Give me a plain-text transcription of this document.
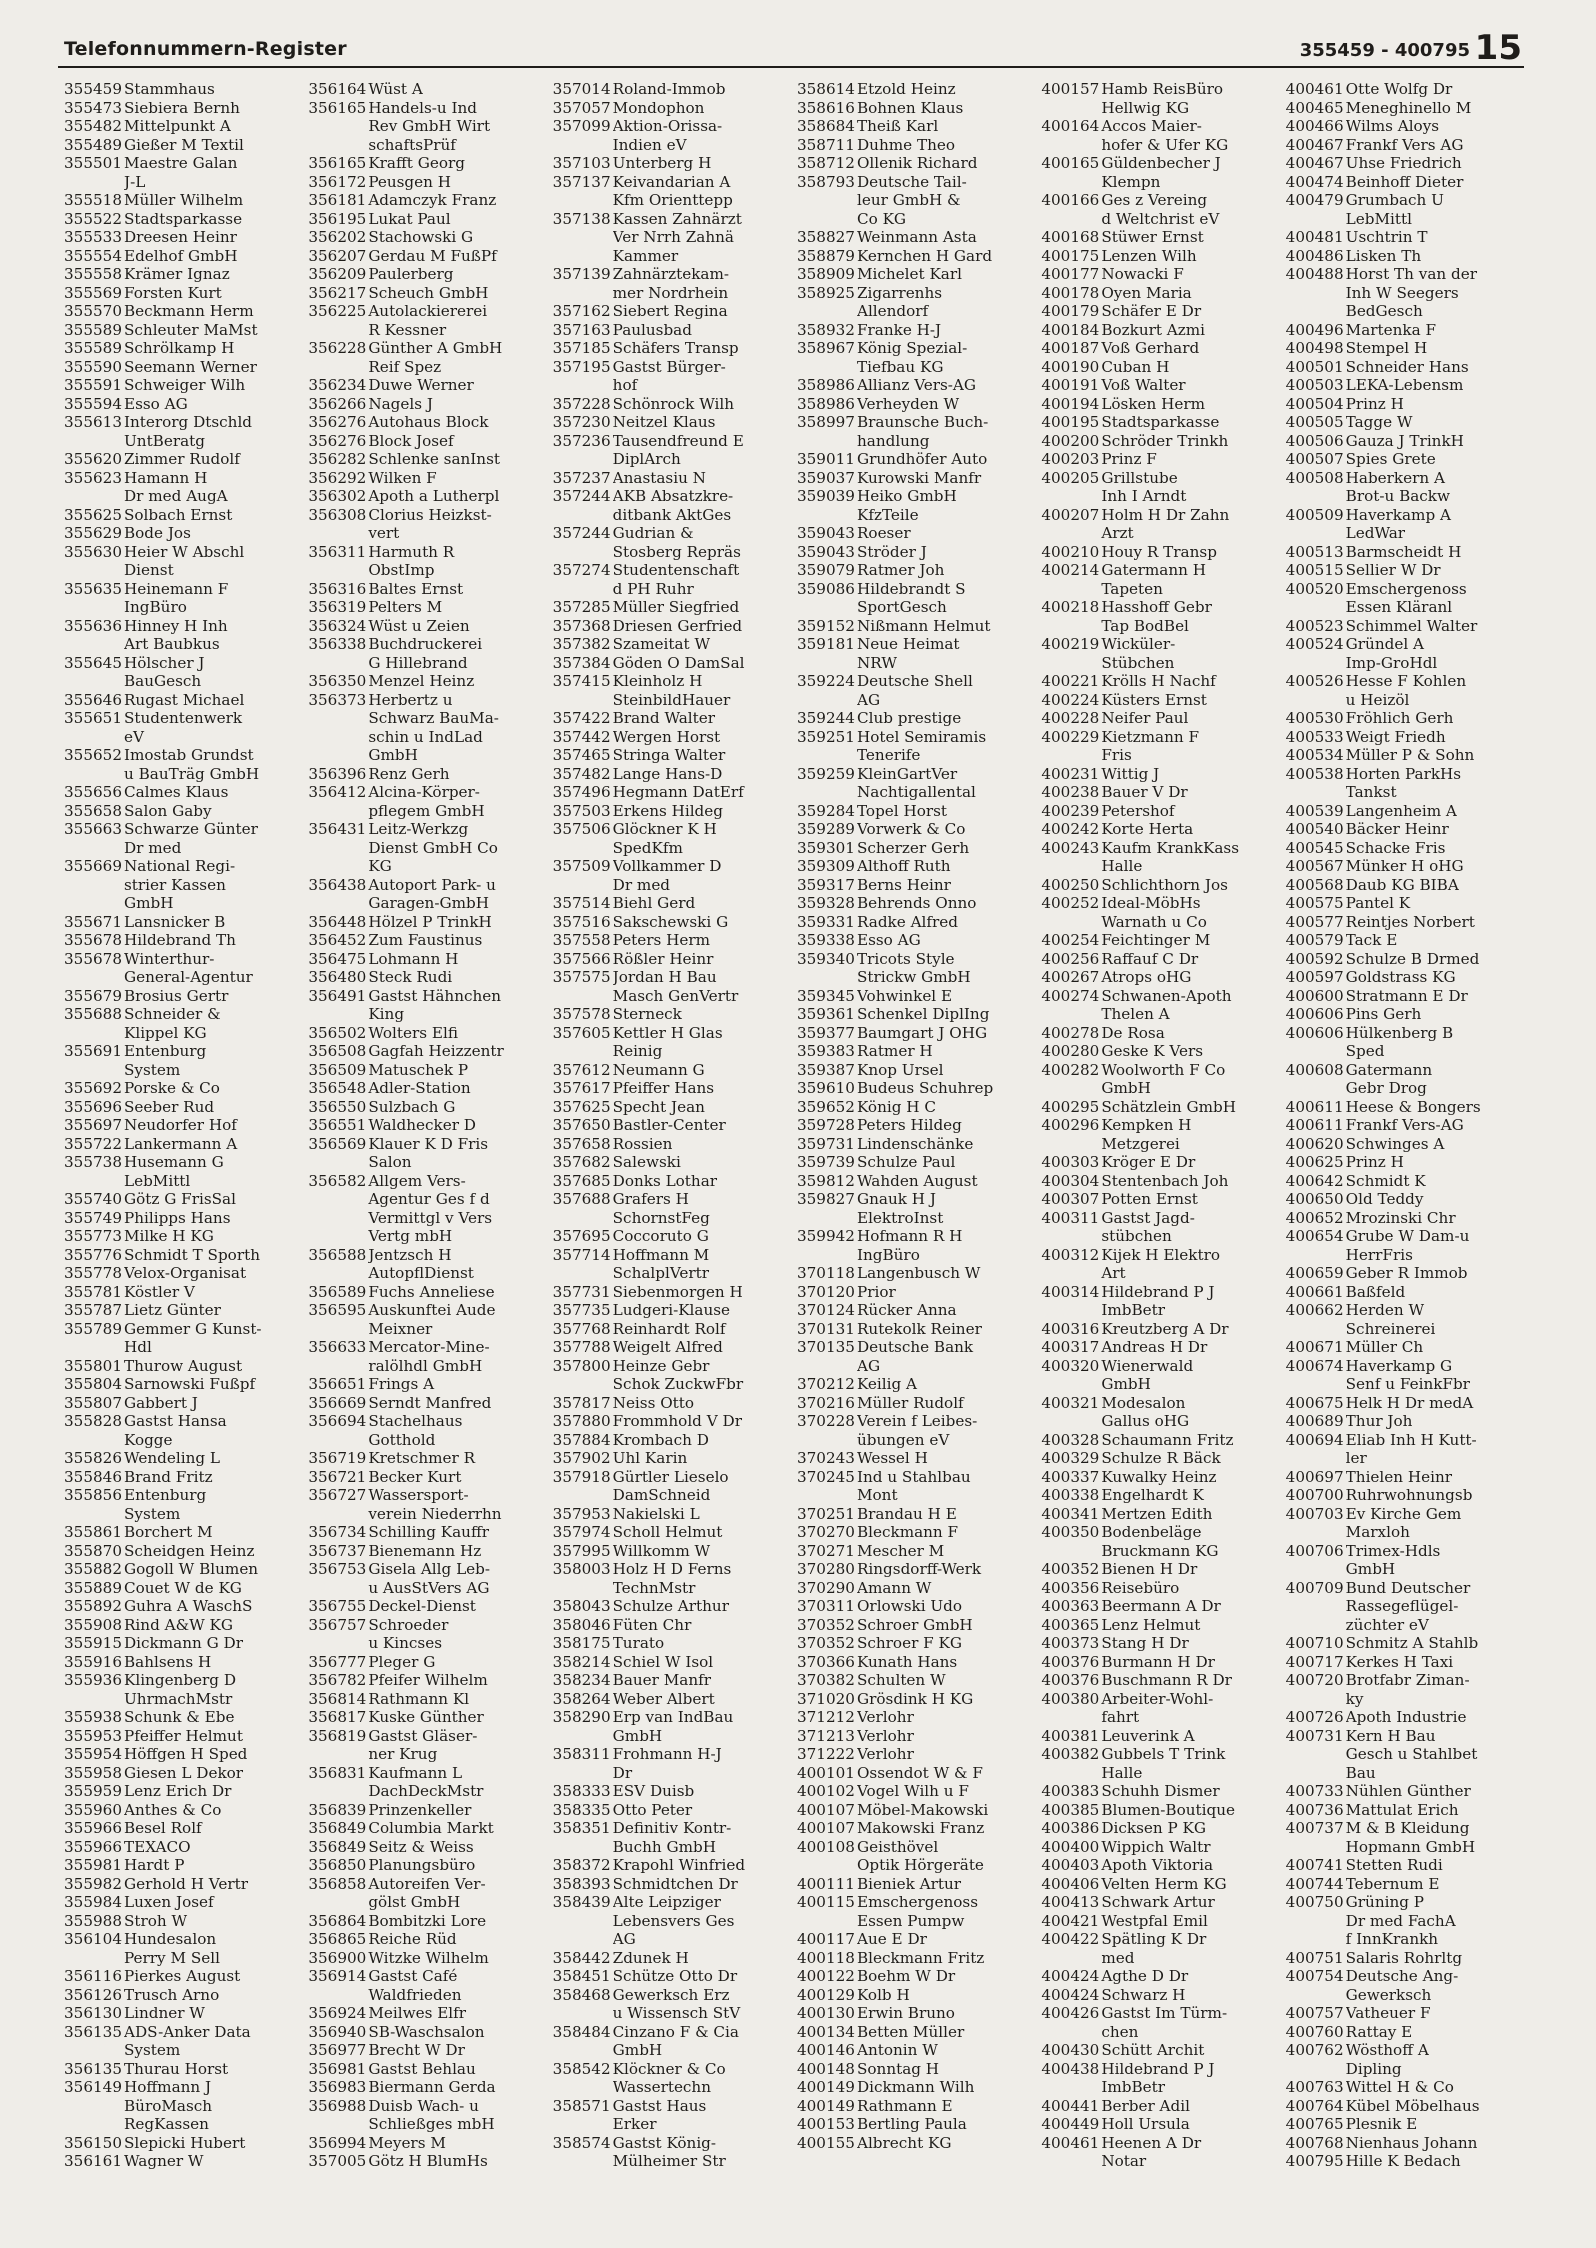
Telefonnummern-Register	355459 - 400795 15
355459 Stammhaus
355473 Siebiera Bernh
355482 Mittelpunkt A
355489 Gießer M Textil
355501 Maestre Galan
J-L
355518 Müller Wilhelm
355522 Stadtsparkasse
355533 Dreesen Heinr
355554 Edelhof GmbH
355558 Krämer Ignaz
355569 Forsten Kurt
355570 Beckmann Herm
355589 Schleuter MaMst
355589 Schrölkamp H
355590 Seemann Werner
355591 Schweiger Wilh
355594 Esso AG
355613 Interorg Dtschld
UntBeratg
355620 Zimmer Rudolf
355623 Hamann H
Dr med AugA
355625 Solbach Ernst
355629 Bode Jos
355630 Heier W Abschl
Dienst
355635 Heinemann F
IngBüro
355636 Hinney H Inh
Art Baubkus
355645 Hölscher J
BauGesch
355646 Rugast Michael
355651 Studentenwerk
eV
355652 Imostab Grundst
u BauTräg GmbH
355656 Calmes Klaus
355658 Salon Gaby
355663 Schwarze Günter
Dr med
355669 National Regi-
strier Kassen
GmbH
355671 Lansnicker B
355678 Hildebrand Th
355678 Winterthur-
General-Agentur
355679 Brosius Gertr
355688 Schneider &
Klippel KG
355691 Entenburg
System
355692 Porske & Co
355696 Seeber Rud
355697 Neudorfer Hof
355722 Lankermann A
355738 Husemann G
LebMittl
355740 Götz G FrisSal
355749 Philipps Hans
355773 Milke H KG
355776 Schmidt T Sporth
355778 Velox-Organisat
355781 Köstler V
355787 Lietz Günter
355789 Gemmer G Kunst-
Hdl
355801 Thurow August
355804 Sarnowski Fußpf
355807 Gabbert J
355828 Gastst Hansa
Kogge
355826 Wendeling L
355846 Brand Fritz
355856 Entenburg
System
355861 Borchert M
355870 Scheidgen Heinz
355882 Gogoll W Blumen
355889 Couet W de KG
355892 Guhra A WaschS
355908 Rind A&W KG
355915 Dickmann G Dr
355916 Bahlsens H
355936 Klingenberg D
UhrmachMstr
355938 Schunk & Ebe
355953 Pfeiffer Helmut
355954 Höffgen H Sped
355958 Giesen L Dekor
355959 Lenz Erich Dr
355960 Anthes & Co
355966 Besel Rolf
355966 TEXACO
355981 Hardt P
355982 Gerhold H Vertr
355984 Luxen Josef
355988 Stroh W
356104 Hundesalon
Perry M Sell
356116 Pierkes August
356126 Trusch Arno
356130 Lindner W
356135 ADS-Anker Data
System
356135 Thurau Horst
356149 Hoffmann J
BüroMasch
RegKassen
356150 Slepicki Hubert
356161 Wagner W
356164 Wüst A
356165 Handels-u Ind
Rev GmbH Wirt
schaftsPrüf
356165 Krafft Georg
356172 Peusgen H
356181 Adamczyk Franz
356195 Lukat Paul
356202 Stachowski G
356207 Gerdau M FußPf
356209 Paulerberg
356217 Scheuch GmbH
356225 Autolackiererei
R Kessner
356228 Günther A GmbH
Reif Spez
356234 Duwe Werner
356266 Nagels J
356276 Autohaus Block
356276 Block Josef
356282 Schlenke sanInst
356292 Wilken F
356302 Apoth a Lutherpl
356308 Clorius Heizkst-
vert
356311 Harmuth R
ObstImp
356316 Baltes Ernst
356319 Pelters M
356324 Wüst u Zeien
356338 Buchdruckerei
G Hillebrand
356350 Menzel Heinz
356373 Herbertz u
Schwarz BauMa-
schin u IndLad
GmbH
356396 Renz Gerh
356412 Alcina-Körper-
pflegem GmbH
356431 Leitz-Werkzg
Dienst GmbH Co
KG
356438 Autoport Park- u
Garagen-GmbH
356448 Hölzel P TrinkH
356452 Zum Faustinus
356475 Lohmann H
356480 Steck Rudi
356491 Gastst Hähnchen
King
356502 Wolters Elfi
356508 Gagfah Heizzentr
356509 Matuschek P
356548 Adler-Station
356550 Sulzbach G
356551 Waldhecker D
356569 Klauer K D Fris
Salon
356582 Allgem Vers-
Agentur Ges f d
Vermittgl v Vers
Vertg mbH
356588 Jentzsch H
AutopflDienst
356589 Fuchs Anneliese
356595 Auskunftei Aude
Meixner
356633 Mercator-Mine-
ralölhdl GmbH
356651 Frings A
356669 Serndt Manfred
356694 Stachelhaus
Gotthold
356719 Kretschmer R
356721 Becker Kurt
356727 Wassersport-
verein Niederrhn
356734 Schilling Kauffr
356737 Bienemann Hz
356753 Gisela Allg Leb-
u AusStVers AG
356755 Deckel-Dienst
356757 Schroeder
u Kincses
356777 Pleger G
356782 Pfeifer Wilhelm
356814 Rathmann Kl
356817 Kuske Günther
356819 Gastst Gläser-
ner Krug
356831 Kaufmann L
DachDeckMstr
356839 Prinzenkeller
356849 Columbia Markt
356849 Seitz & Weiss
356850 Planungsbüro
356858 Autoreifen Ver-
gölst GmbH
356864 Bombitzki Lore
356865 Reiche Rüd
356900 Witzke Wilhelm
356914 Gastst Café
Waldfrieden
356924 Meilwes Elfr
356940 SB-Waschsalon
356977 Brecht W Dr
356981 Gastst Behlau
356983 Biermann Gerda
356988 Duisb Wach- u
Schließges mbH
356994 Meyers M
357005 Götz H BlumHs
357014 Roland-Immob
357057 Mondophon
357099 Aktion-Orissa-
Indien eV
357103 Unterberg H
357137 Keivandarian A
Kfm Orienttepp
357138 Kassen Zahnärzt
Ver Nrrh Zahnä
Kammer
357139 Zahnärztekam-
mer Nordrhein
357162 Siebert Regina
357163 Paulusbad
357185 Schäfers Transp
357195 Gastst Bürger-
hof
357228 Schönrock Wilh
357230 Neitzel Klaus
357236 Tausendfreund E
DiplArch
357237 Anastasiu N
357244 AKB Absatzkre-
ditbank AktGes
357244 Gudrian &
Stosberg Repräs
357274 Studentenschaft
d PH Ruhr
357285 Müller Siegfried
357368 Driesen Gerfried
357382 Szameitat W
357384 Göden O DamSal
357415 Kleinholz H
SteinbildHauer
357422 Brand Walter
357442 Wergen Horst
357465 Stringa Walter
357482 Lange Hans-D
357496 Hegmann DatErf
357503 Erkens Hildeg
357506 Glöckner K H
SpedKfm
357509 Vollkammer D
Dr med
357514 Biehl Gerd
357516 Sakschewski G
357558 Peters Herm
357566 Rößler Heinr
357575 Jordan H Bau
Masch GenVertr
357578 Sterneck
357605 Kettler H Glas
Reinig
357612 Neumann G
357617 Pfeiffer Hans
357625 Specht Jean
357650 Bastler-Center
357658 Rossien
357682 Salewski
357685 Donks Lothar
357688 Grafers H
SchornstFeg
357695 Coccoruto G
357714 Hoffmann M
SchalplVertr
357731 Siebenmorgen H
357735 Ludgeri-Klause
357768 Reinhardt Rolf
357788 Weigelt Alfred
357800 Heinze Gebr
Schok ZuckwFbr
357817 Neiss Otto
357880 Frommhold V Dr
357884 Krombach D
357902 Uhl Karin
357918 Gürtler Lieselo
DamSchneid
357953 Nakielski L
357974 Scholl Helmut
357995 Willkomm W
358003 Holz H D Ferns
TechnMstr
358043 Schulze Arthur
358046 Füten Chr
358175 Turato
358214 Schiel W Isol
358234 Bauer Manfr
358264 Weber Albert
358290 Erp van IndBau
GmbH
358311 Frohmann H-J
Dr
358333 ESV Duisb
358335 Otto Peter
358351 Definitiv Kontr-
Buchh GmbH
358372 Krapohl Winfried
358393 Schmidtchen Dr
358439 Alte Leipziger
Lebensvers Ges
AG
358442 Zdunek H
358451 Schütze Otto Dr
358468 Gewerksch Erz
u Wissensch StV
358484 Cinzano F & Cia
GmbH
358542 Klöckner & Co
Wassertechn
358571 Gastst Haus
Erker
358574 Gastst König-
Mülheimer Str
358614 Etzold Heinz
358616 Bohnen Klaus
358684 Theiß Karl
358711 Duhme Theo
358712 Ollenik Richard
358793 Deutsche Tail-
leur GmbH &
Co KG
358827 Weinmann Asta
358879 Kernchen H Gard
358909 Michelet Karl
358925 Zigarrenhs
Allendorf
358932 Franke H-J
358967 König Spezial-
Tiefbau KG
358986 Allianz Vers-AG
358986 Verheyden W
358997 Braunsche Buch-
handlung
359011 Grundhöfer Auto
359037 Kurowski Manfr
359039 Heiko GmbH
KfzTeile
359043 Roeser
359043 Ströder J
359079 Ratmer Joh
359086 Hildebrandt S
SportGesch
359152 Nißmann Helmut
359181 Neue Heimat
NRW
359224 Deutsche Shell
AG
359244 Club prestige
359251 Hotel Semiramis
Tenerife
359259 KleinGartVer
Nachtigallental
359284 Topel Horst
359289 Vorwerk & Co
359301 Scherzer Gerh
359309 Althoff Ruth
359317 Berns Heinr
359328 Behrends Onno
359331 Radke Alfred
359338 Esso AG
359340 Tricots Style
Strickw GmbH
359345 Vohwinkel E
359361 Schenkel DiplIng
359377 Baumgart J OHG
359383 Ratmer H
359387 Knop Ursel
359610 Budeus Schuhrep
359652 König H C
359728 Peters Hildeg
359731 Lindenschänke
359739 Schulze Paul
359812 Wahden August
359827 Gnauk H J
ElektroInst
359942 Hofmann R H
IngBüro
370118 Langenbusch W
370120 Prior
370124 Rücker Anna
370131 Rutekolk Reiner
370135 Deutsche Bank
AG
370212 Keilig A
370216 Müller Rudolf
370228 Verein f Leibes-
übungen eV
370243 Wessel H
370245 Ind u Stahlbau
Mont
370251 Brandau H E
370270 Bleckmann F
370271 Mescher M
370280 Ringsdorff-Werk
370290 Amann W
370311 Orlowski Udo
370352 Schroer GmbH
370352 Schroer F KG
370366 Kunath Hans
370382 Schulten W
371020 Grösdink H KG
371212 Verlohr
371213 Verlohr
371222 Verlohr
400101 Ossendot W & F
400102 Vogel Wilh u F
400107 Möbel-Makowski
400107 Makowski Franz
400108 Geisthövel
Optik Hörgeräte
400111 Bieniek Artur
400115 Emschergenoss
Essen Pumpw
400117 Aue E Dr
400118 Bleckmann Fritz
400122 Boehm W Dr
400129 Kolb H
400130 Erwin Bruno
400134 Betten Müller
400146 Antonin W
400148 Sonntag H
400149 Dickmann Wilh
400149 Rathmann E
400153 Bertling Paula
400155 Albrecht KG
400157 Hamb ReisBüro
Hellwig KG
400164 Accos Maier-
hofer & Ufer KG
400165 Güldenbecher J
Klempn
400166 Ges z Vereing
d Weltchrist eV
400168 Stüwer Ernst
400175 Lenzen Wilh
400177 Nowacki F
400178 Oyen Maria
400179 Schäfer E Dr
400184 Bozkurt Azmi
400187 Voß Gerhard
400190 Cuban H
400191 Voß Walter
400194 Lösken Herm
400195 Stadtsparkasse
400200 Schröder Trinkh
400203 Prinz F
400205 Grillstube
Inh I Arndt
400207 Holm H Dr Zahn
Arzt
400210 Houy R Transp
400214 Gatermann H
Tapeten
400218 Hasshoff Gebr
Tap BodBel
400219 Wicküler-
Stübchen
400221 Krölls H Nachf
400224 Küsters Ernst
400228 Neifer Paul
400229 Kietzmann F
Fris
400231 Wittig J
400238 Bauer V Dr
400239 Petershof
400242 Korte Herta
400243 Kaufm KrankKass
Halle
400250 Schlichthorn Jos
400252 Ideal-MöbHs
Warnath u Co
400254 Feichtinger M
400256 Raffauf C Dr
400267 Atrops oHG
400274 Schwanen-Apoth
Thelen A
400278 De Rosa
400280 Geske K Vers
400282 Woolworth F Co
GmbH
400295 Schätzlein GmbH
400296 Kempken H
Metzgerei
400303 Kröger E Dr
400304 Stentenbach Joh
400307 Potten Ernst
400311 Gastst Jagd-
stübchen
400312 Kijek H Elektro
Art
400314 Hildebrand P J
ImbBetr
400316 Kreutzberg A Dr
400317 Andreas H Dr
400320 Wienerwald
GmbH
400321 Modesalon
Gallus oHG
400328 Schaumann Fritz
400329 Schulze R Bäck
400337 Kuwalky Heinz
400338 Engelhardt K
400341 Mertzen Edith
400350 Bodenbeläge
Bruckmann KG
400352 Bienen H Dr
400356 Reisebüro
400363 Beermann A Dr
400365 Lenz Helmut
400373 Stang H Dr
400376 Burmann H Dr
400376 Buschmann R Dr
400380 Arbeiter-Wohl-
fahrt
400381 Leuverink A
400382 Gubbels T Trink
Halle
400383 Schuhh Dismer
400385 Blumen-Boutique
400386 Dicksen P KG
400400 Wippich Waltr
400403 Apoth Viktoria
400406 Velten Herm KG
400413 Schwark Artur
400421 Westpfal Emil
400422 Spätling K Dr
med
400424 Agthe D Dr
400424 Schwarz H
400426 Gastst Im Türm-
chen
400430 Schütt Archit
400438 Hildebrand P J
ImbBetr
400441 Berber Adil
400449 Holl Ursula
400461 Heenen A Dr
Notar
400461 Otte Wolfg Dr
400465 Meneghinello M
400466 Wilms Aloys
400467 Frankf Vers AG
400467 Uhse Friedrich
400474 Beinhoff Dieter
400479 Grumbach U
LebMittl
400481 Uschtrin T
400486 Lisken Th
400488 Horst Th van der
Inh W Seegers
BedGesch
400496 Martenka F
400498 Stempel H
400501 Schneider Hans
400503 LEKA-Lebensm
400504 Prinz H
400505 Tagge W
400506 Gauza J TrinkH
400507 Spies Grete
400508 Haberkern A
Brot-u Backw
400509 Haverkamp A
LedWar
400513 Barmscheidt H
400515 Sellier W Dr
400520 Emschergenoss
Essen Kläranl
400523 Schimmel Walter
400524 Gründel A
Imp-GroHdl
400526 Hesse F Kohlen
u Heizöl
400530 Fröhlich Gerh
400533 Weigt Friedh
400534 Müller P & Sohn
400538 Horten ParkHs
Tankst
400539 Langenheim A
400540 Bäcker Heinr
400545 Schacke Fris
400567 Münker H oHG
400568 Daub KG BIBA
400575 Pantel K
400577 Reintjes Norbert
400579 Tack E
400592 Schulze B Drmed
400597 Goldstrass KG
400600 Stratmann E Dr
400606 Pins Gerh
400606 Hülkenberg B
Sped
400608 Gatermann
Gebr Drog
400611 Heese & Bongers
400611 Frankf Vers-AG
400620 Schwinges A
400625 Prinz H
400642 Schmidt K
400650 Old Teddy
400652 Mrozinski Chr
400654 Grube W Dam-u
HerrFris
400659 Geber R Immob
400661 Baßfeld
400662 Herden W
Schreinerei
400671 Müller Ch
400674 Haverkamp G
Senf u FeinkFbr
400675 Helk H Dr medA
400689 Thur Joh
400694 Eliab Inh H Kutt-
ler
400697 Thielen Heinr
400700 Ruhrwohnungsb
400703 Ev Kirche Gem
Marxloh
400706 Trimex-Hdls
GmbH
400709 Bund Deutscher
Rassegeflügel-
züchter eV
400710 Schmitz A Stahlb
400717 Kerkes H Taxi
400720 Brotfabr Ziman-
ky
400726 Apoth Industrie
400731 Kern H Bau
Gesch u Stahlbet
Bau
400733 Nühlen Günther
400736 Mattulat Erich
400737 M & B Kleidung
Hopmann GmbH
400741 Stetten Rudi
400744 Tebernum E
400750 Grüning P
Dr med FachA
f InnKrankh
400751 Salaris Rohrltg
400754 Deutsche Ang-
Gewerksch
400757 Vatheuer F
400760 Rattay E
400762 Wösthoff A
Dipling
400763 Wittel H & Co
400764 Kübel Möbelhaus
400765 Plesnik E
400768 Nienhaus Johann
400795 Hille K Bedach
